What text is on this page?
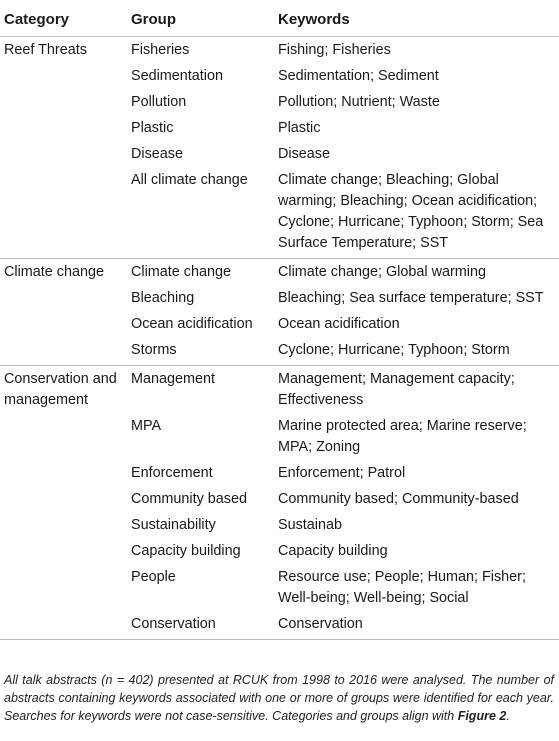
Category	Group	Keywords
Reef Threats	Fisheries	Fishing; Fisheries
	Sedimentation	Sedimentation; Sediment
	Pollution	Pollution; Nutrient; Waste
	Plastic	Plastic
	Disease	Disease
	All climate change	Climate change; Bleaching; Global warming; Bleaching; Ocean acidification; Cyclone; Hurricane; Typhoon; Storm; Sea Surface Temperature; SST
Climate change	Climate change	Climate change; Global warming
	Bleaching	Bleaching; Sea surface temperature; SST
	Ocean acidification	Ocean acidification
	Storms	Cyclone; Hurricane; Typhoon; Storm
Conservation and management	Management	Management; Management capacity; Effectiveness
	MPA	Marine protected area; Marine reserve; MPA; Zoning
	Enforcement	Enforcement; Patrol
	Community based	Community based; Community-based
	Sustainability	Sustainab
	Capacity building	Capacity building
	People	Resource use; People; Human; Fisher; Well-being; Well-being; Social
	Conservation	Conservation
All talk abstracts (n = 402) presented at RCUK from 1998 to 2016 were analysed. The number of abstracts containing keywords associated with one or more of groups were identified for each year. Searches for keywords were not case-sensitive. Categories and groups align with Figure 2.
